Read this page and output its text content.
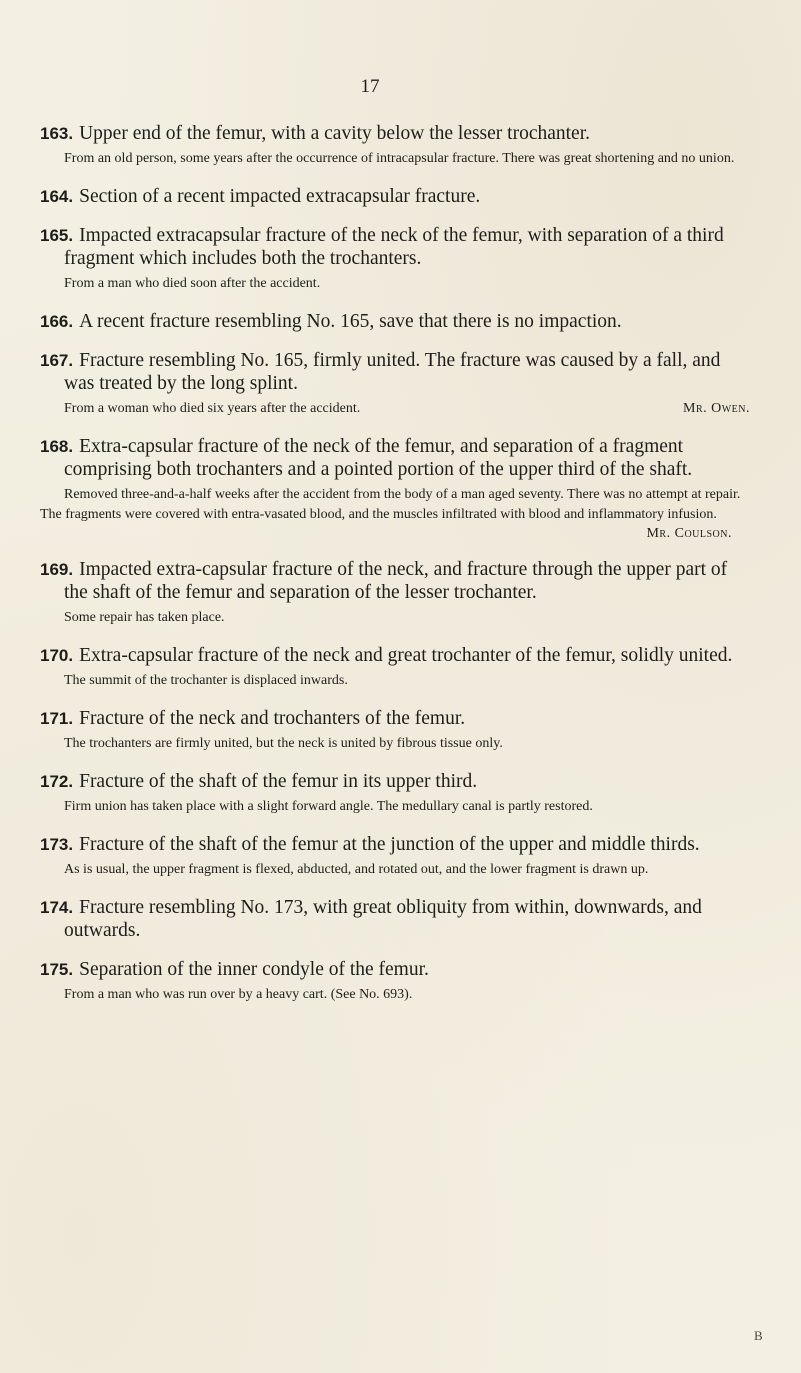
17

163. Upper end of the femur, with a cavity below the lesser trochanter.

From an old person, some years after the occurrence of intracapsular fracture. There was great shortening and no union.

164. Section of a recent impacted extracapsular fracture.

165. Impacted extracapsular fracture of the neck of the femur, with separation of a third fragment which includes both the trochanters.

From a man who died soon after the accident.

166. A recent fracture resembling No. 165, save that there is no impaction.

167. Fracture resembling No. 165, firmly united. The fracture was caused by a fall, and was treated by the long splint.

Mr. Owen.
From a woman who died six years after the accident.

168. Extra-capsular fracture of the neck of the femur, and separation of a fragment comprising both trochanters and a pointed portion of the upper third of the shaft.

Removed three-and-a-half weeks after the accident from the body of a man aged seventy. There was no attempt at repair. The fragments were covered with entra-vasated blood, and the muscles infiltrated with blood and inflammatory infusion.

Mr. Coulson.

169. Impacted extra-capsular fracture of the neck, and fracture through the upper part of the shaft of the femur and separation of the lesser trochanter.

Some repair has taken place.

170. Extra-capsular fracture of the neck and great trochanter of the femur, solidly united.

The summit of the trochanter is displaced inwards.

171. Fracture of the neck and trochanters of the femur.

The trochanters are firmly united, but the neck is united by fibrous tissue only.

172. Fracture of the shaft of the femur in its upper third.

Firm union has taken place with a slight forward angle. The medullary canal is partly restored.

173. Fracture of the shaft of the femur at the junction of the upper and middle thirds.

As is usual, the upper fragment is flexed, abducted, and rotated out, and the lower fragment is drawn up.

174. Fracture resembling No. 173, with great obliquity from within, downwards, and outwards.

175. Separation of the inner condyle of the femur.

From a man who was run over by a heavy cart. (See No. 693).

B
